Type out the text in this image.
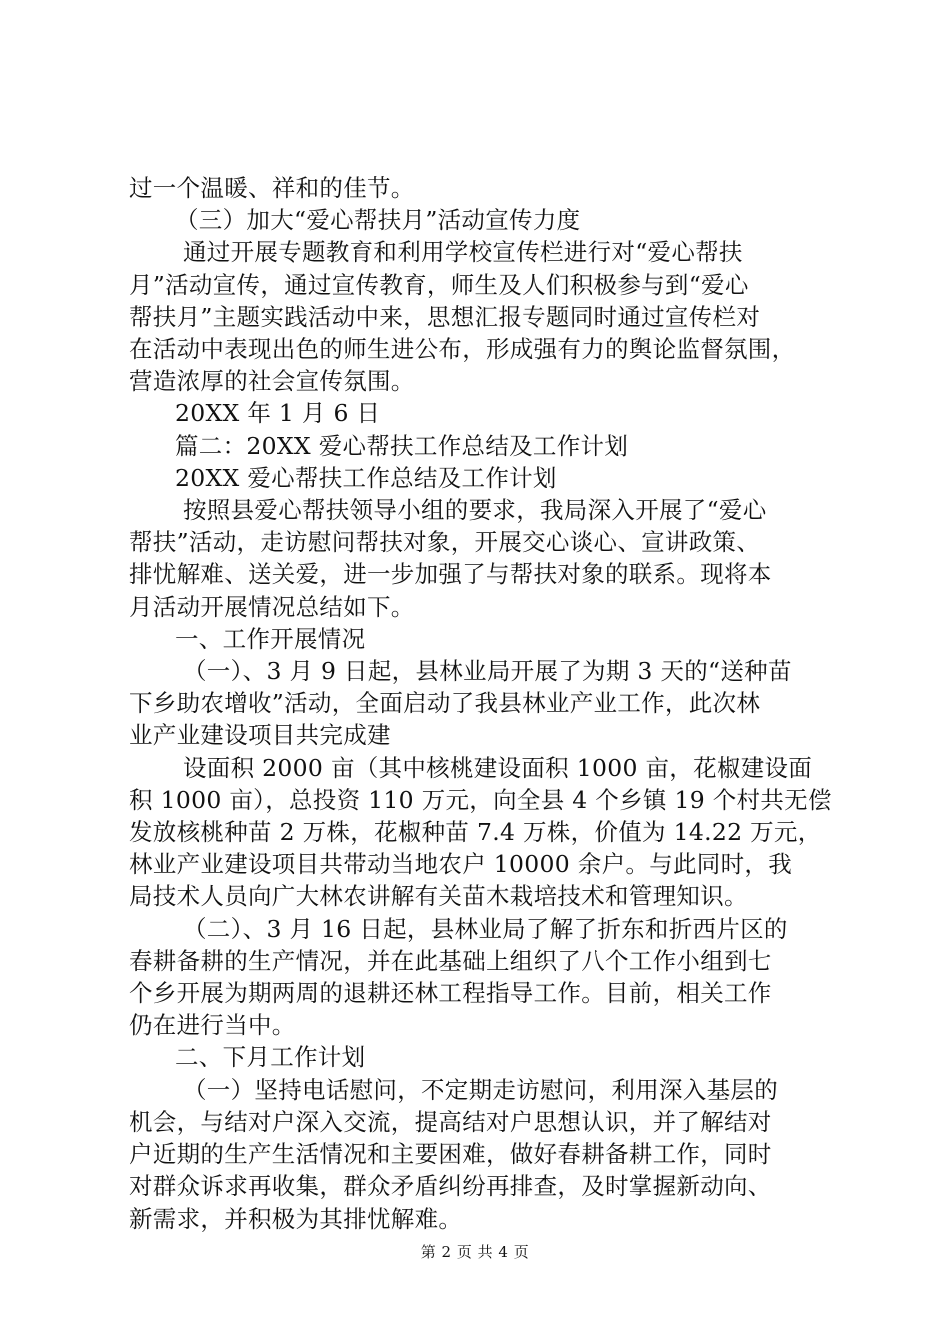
过一个温暖、祥和的佳节。

（三）加大“爱心帮扶月”活动宣传力度

通过开展专题教育和利用学校宣传栏进行对“爱心帮扶

月”活动宣传，通过宣传教育，师生及人们积极参与到“爱心

帮扶月”主题实践活动中来，思想汇报专题同时通过宣传栏对

在活动中表现出色的师生进公布，形成强有力的舆论监督氛围，

营造浓厚的社会宣传氛围。

20XX 年 1 月 6 日

篇二：20XX 爱心帮扶工作总结及工作计划

20XX 爱心帮扶工作总结及工作计划

按照县爱心帮扶领导小组的要求，我局深入开展了“爱心

帮扶”活动，走访慰问帮扶对象，开展交心谈心、宣讲政策、

排忧解难、送关爱，进一步加强了与帮扶对象的联系。现将本

月活动开展情况总结如下。

一、工作开展情况

（一）、3 月 9 日起，县林业局开展了为期 3 天的“送种苗

下乡助农增收”活动，全面启动了我县林业产业工作，此次林

业产业建设项目共完成建

设面积 2000 亩（其中核桃建设面积 1000 亩，花椒建设面

积 1000 亩），总投资 110 万元，向全县 4 个乡镇 19 个村共无偿

发放核桃种苗 2 万株，花椒种苗 7.4 万株，价值为 14.22 万元，

林业产业建设项目共带动当地农户 10000 余户。与此同时，我

局技术人员向广大林农讲解有关苗木栽培技术和管理知识。

（二）、3 月 16 日起，县林业局了解了折东和折西片区的

春耕备耕的生产情况，并在此基础上组织了八个工作小组到七

个乡开展为期两周的退耕还林工程指导工作。目前，相关工作

仍在进行当中。

二、下月工作计划

（一）坚持电话慰问，不定期走访慰问，利用深入基层的

机会，与结对户深入交流，提高结对户思想认识，并了解结对

户近期的生产生活情况和主要困难，做好春耕备耕工作，同时

对群众诉求再收集，群众矛盾纠纷再排查，及时掌握新动向、

新需求，并积极为其排忧解难。

第 2 页 共 4 页
